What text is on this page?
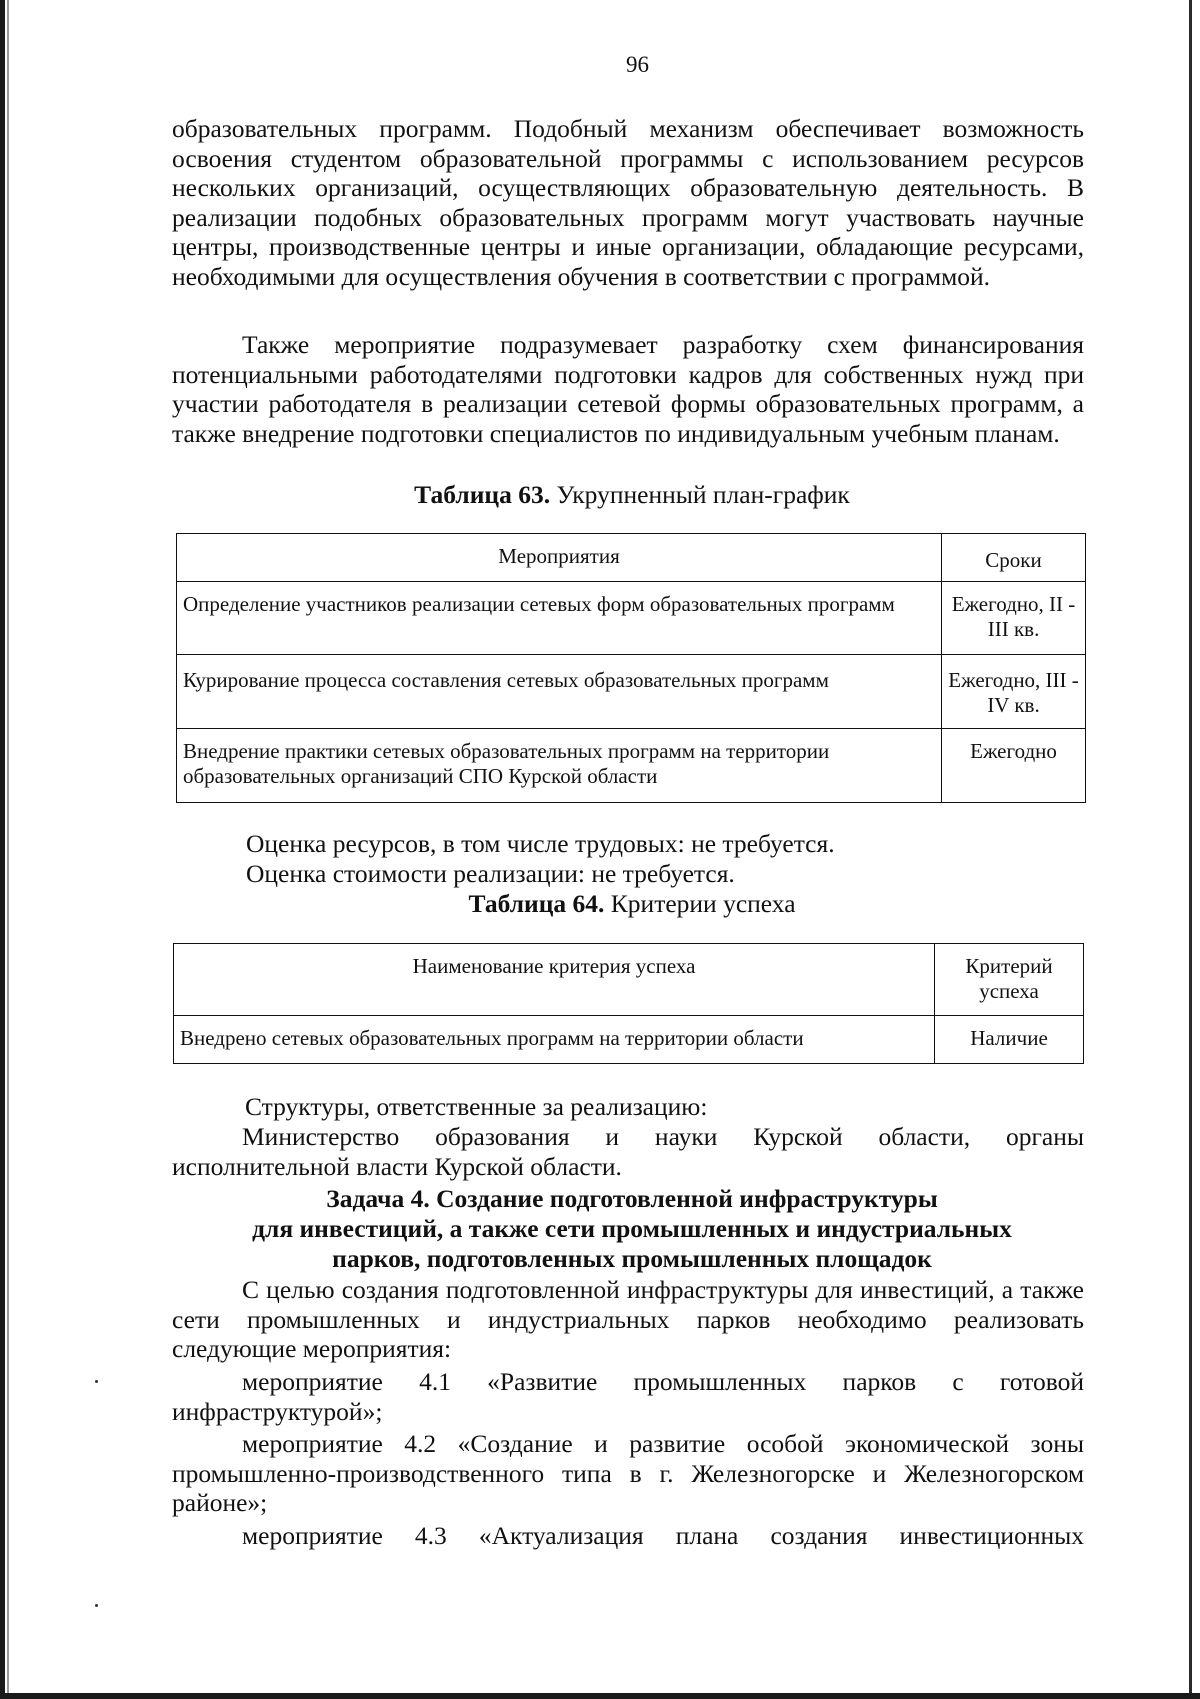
96

образовательных программ. Подобный механизм обеспечивает возможность освоения студентом образовательной программы с использованием ресурсов нескольких организаций, осуществляющих образовательную деятельность. В реализации подобных образовательных программ могут участвовать научные центры, производственные центры и иные организации, обладающие ресурсами, необходимыми для осуществления обучения в соответствии с программой.

Также мероприятие подразумевает разработку схем финансирования потенциальными работодателями подготовки кадров для собственных нужд при участии работодателя в реализации сетевой формы образовательных программ, а также внедрение подготовки специалистов по индивидуальным учебным планам.

Таблица 63. Укрупненный план-график
Мероприятия	Сроки
Определение участников реализации сетевых форм образовательных программ	Ежегодно, II - III кв.
Курирование процесса составления сетевых образовательных программ	Ежегодно, III - IV кв.
Внедрение практики сетевых образовательных программ на территории образовательных организаций СПО Курской области	Ежегодно
Оценка ресурсов, в том числе трудовых: не требуется.
Оценка стоимости реализации: не требуется.
Таблица 64. Критерии успеха
Наименование критерия успеха	Критерий успеха
Внедрено сетевых образовательных программ на территории области	Наличие
Структуры, ответственные за реализацию:

Министерство образования и науки Курской области, органы исполнительной власти Курской области.

Задача 4. Создание подготовленной инфраструктуры
для инвестиций, а также сети промышленных и индустриальных
парков, подготовленных промышленных площадок

С целью создания подготовленной инфраструктуры для инвестиций, а также сети промышленных и индустриальных парков необходимо реализовать следующие мероприятия:

мероприятие 4.1 «Развитие промышленных парков с готовой инфраструктурой»;

мероприятие 4.2 «Создание и развитие особой экономической зоны промышленно-производственного типа в г. Железногорске и Железногорском районе»;

мероприятие 4.3 «Актуализация плана создания инвестиционных
